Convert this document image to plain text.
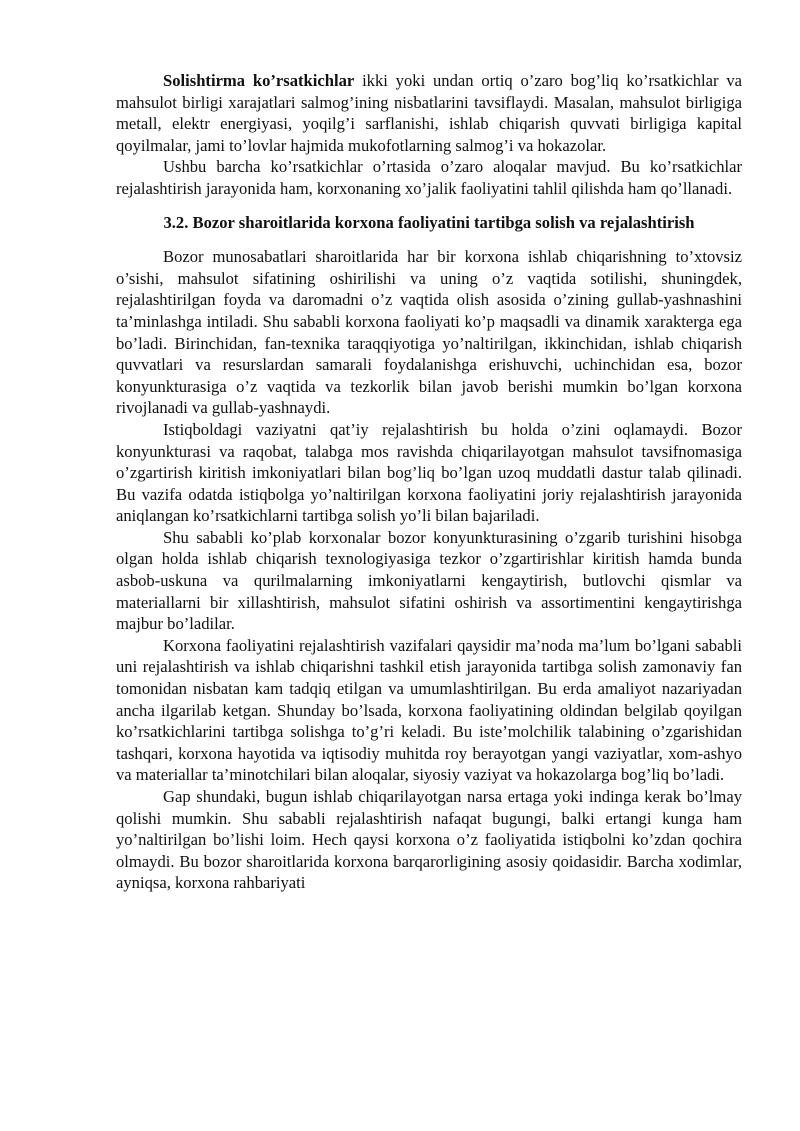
Solishtirma ko’rsatkichlar ikki yoki undan ortiq o’zaro bog’liq ko’rsatkichlar va mahsulot birligi xarajatlari salmog’ining nisbatlarini tavsiflaydi. Masalan, mahsulot birligiga metall, elektr energiyasi, yoqilg’i sarflanishi, ishlab chiqarish quvvati birligiga kapital qoyilmalar, jami to’lovlar hajmida mukofotlarning salmog’i va hokazolar.

Ushbu barcha ko’rsatkichlar o’rtasida o’zaro aloqalar mavjud. Bu ko’rsatkichlar rejalashtirish jarayonida ham, korxonaning xo’jalik faoliyatini tahlil qilishda ham qo’llanadi.

3.2. Bozor sharoitlarida korxona faoliyatini tartibga solish va rejalashtirish

Bozor munosabatlari sharoitlarida har bir korxona ishlab chiqarishning to’xtovsiz o’sishi, mahsulot sifatining oshirilishi va uning o’z vaqtida sotilishi, shuningdek, rejalashtirilgan foyda va daromadni o’z vaqtida olish asosida o’zining gullab-yashnashini ta’minlashga intiladi. Shu sababli korxona faoliyati ko’p maqsadli va dinamik xarakterga ega bo’ladi. Birinchidan, fan-texnika taraqqiyotiga yo’naltirilgan, ikkinchidan, ishlab chiqarish quvvatlari va resurslardan samarali foydalanishga erishuvchi, uchinchidan esa, bozor konyunkturasiga o’z vaqtida va tezkorlik bilan javob berishi mumkin bo’lgan korxona rivojlanadi va gullab-yashnaydi.

Istiqboldagi vaziyatni qat’iy rejalashtirish bu holda o’zini oqlamaydi. Bozor konyunkturasi va raqobat, talabga mos ravishda chiqarilayotgan mahsulot tavsifnomasiga o’zgartirish kiritish imkoniyatlari bilan bog’liq bo’lgan uzoq muddatli dastur talab qilinadi. Bu vazifa odatda istiqbolga yo’naltirilgan korxona faoliyatini joriy rejalashtirish jarayonida aniqlangan ko’rsatkichlarni tartibga solish yo’li bilan bajariladi.

Shu sababli ko’plab korxonalar bozor konyunkturasining o’zgarib turishini hisobga olgan holda ishlab chiqarish texnologiyasiga tezkor o’zgartirishlar kiritish hamda bunda asbob-uskuna va qurilmalarning imkoniyatlarni kengaytirish, butlovchi qismlar va materiallarni bir xillashtirish, mahsulot sifatini oshirish va assortimentini kengaytirishga majbur bo’ladilar.

Korxona faoliyatini rejalashtirish vazifalari qaysidir ma’noda ma’lum bo’lgani sababli uni rejalashtirish va ishlab chiqarishni tashkil etish jarayonida tartibga solish zamonaviy fan tomonidan nisbatan kam tadqiq etilgan va umumlashtirilgan. Bu erda amaliyot nazariyadan ancha ilgarilab ketgan. Shunday bo’lsada, korxona faoliyatining oldindan belgilab qoyilgan ko’rsatkichlarini tartibga solishga to’g’ri keladi. Bu iste’molchilik talabining o’zgarishidan tashqari, korxona hayotida va iqtisodiy muhitda roy berayotgan yangi vaziyatlar, xom-ashyo va materiallar ta’minotchilari bilan aloqalar, siyosiy vaziyat va hokazolarga bog’liq bo’ladi.

Gap shundaki, bugun ishlab chiqarilayotgan narsa ertaga yoki indinga kerak bo’lmay qolishi mumkin. Shu sababli rejalashtirish nafaqat bugungi, balki ertangi kunga ham yo’naltirilgan bo’lishi loim. Hech qaysi korxona o’z faoliyatida istiqbolni ko’zdan qochira olmaydi. Bu bozor sharoitlarida korxona barqarorligining asosiy qoidasidir. Barcha xodimlar, ayniqsa, korxona rahbariyati
